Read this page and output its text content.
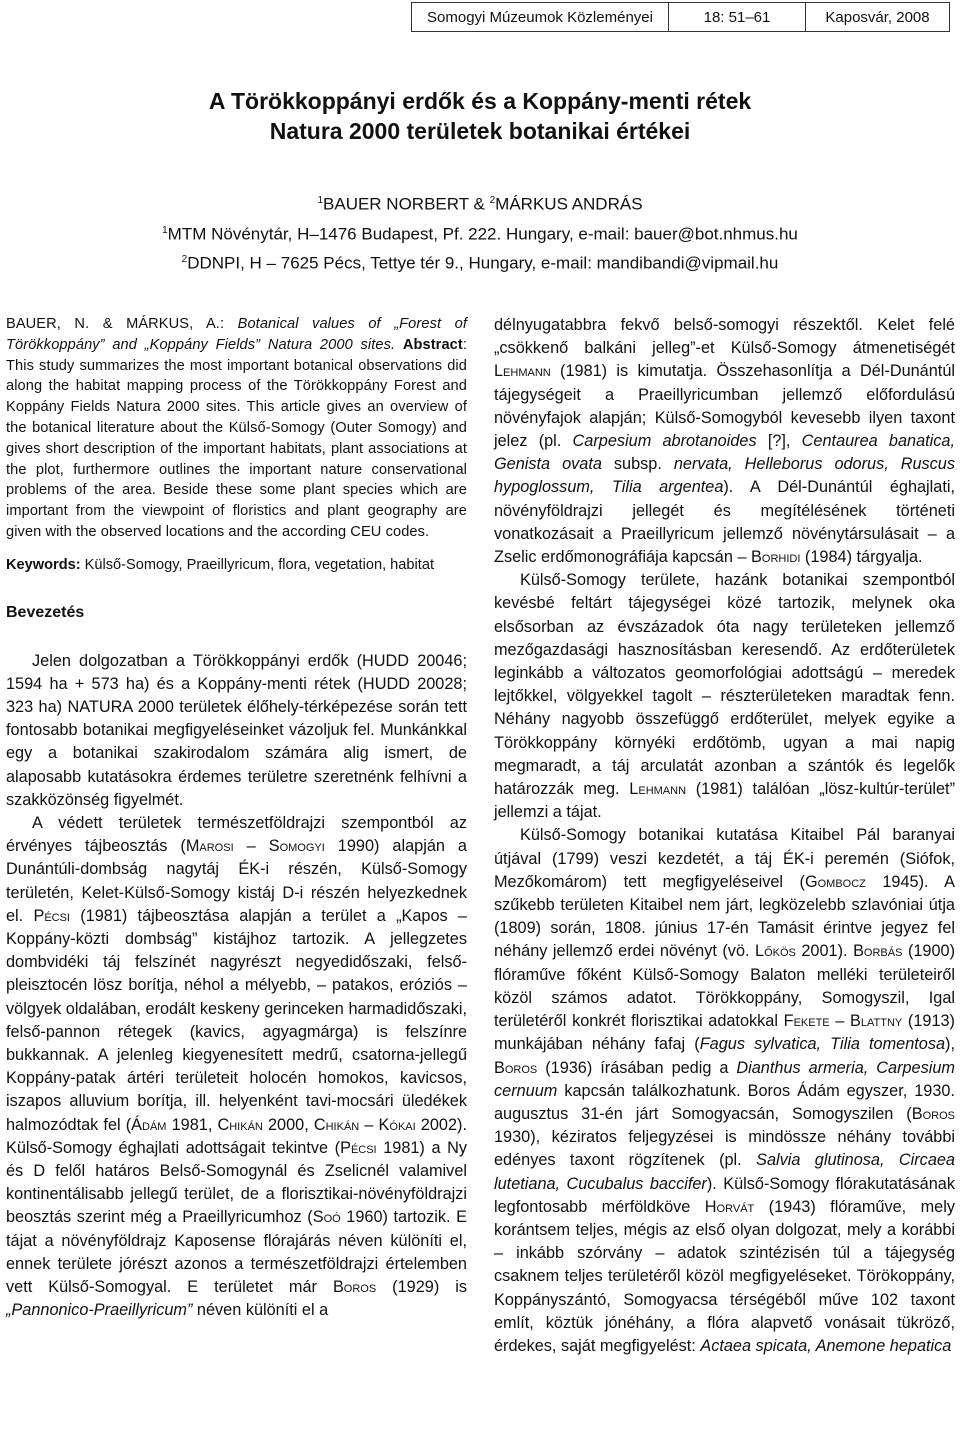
Somogyi Múzeumok Közleményei	18: 51–61	Kaposvár, 2008
A Törökkoppányi erdők és a Koppány-menti rétek
Natura 2000 területek botanikai értékei
$^1$BAUER NORBERT & $^2$MÁRKUS ANDRÁS
$^1$MTM Növénytár, H–1476 Budapest, Pf. 222. Hungary, e-mail: bauer@bot.nhmus.hu
$^2$DDNPI, H – 7625 Pécs, Tettye tér 9., Hungary, e-mail: mandibandi@vipmail.hu

BAUER, N. & MÁRKUS, A.: Botanical values of „Forest of Törökkoppány” and „Koppány Fields” Natura 2000 sites. Abstract: This study summarizes the most important botanical observations did along the habitat mapping process of the Törökkoppány Forest and Koppány Fields Natura 2000 sites. This article gives an overview of the botanical literature about the Külső-Somogy (Outer Somogy) and gives short description of the important habitats, plant associations at the plot, furthermore outlines the important nature conservational problems of the area. Beside these some plant species which are important from the viewpoint of floristics and plant geography are given with the observed locations and the according CEU codes.

Keywords: Külső-Somogy, Praeillyricum, flora, vegetation, habitat

Bevezetés

Jelen dolgozatban a Törökkoppányi erdők (HUDD 20046; 1594 ha + 573 ha) és a Koppány-menti rétek (HUDD 20028; 323 ha) NATURA 2000 területek élőhely-térképezése során tett fontosabb botanikai megfigyeléseinket vázoljuk fel. Munkánkkal egy a botanikai szakirodalom számára alig ismert, de alaposabb kutatásokra érdemes területre szeretnénk felhívni a szakközönség figyelmét.

A védett területek természetföldrajzi szempontból az érvényes tájbeosztás (Marosi – Somogyi 1990) alapján a Dunántúli-dombság nagytáj ÉK-i részén, Külső-Somogy területén, Kelet-Külső-Somogy kistáj D-i részén helyezkednek el. Pécsi (1981) tájbeosztása alapján a terület a „Kapos – Koppány-közti dombság” kistájhoz tartozik. A jellegzetes dombvidéki táj felszínét nagyrészt negyedidőszaki, felső-pleisztocén lösz borítja, néhol a mélyebb, – patakos, eróziós – völgyek oldalában, erodált keskeny gerinceken harmadidőszaki, felső-pannon rétegek (kavics, agyagmárga) is felszínre bukkannak. A jelenleg kiegyenesített medrű, csatorna-jellegű Koppány-patak ártéri területeit holocén homokos, kavicsos, iszapos alluvium borítja, ill. helyenként tavi-mocsári üledékek halmozódtak fel (Ádám 1981, Chikán 2000, Chikán – Kókai 2002). Külső-Somogy éghajlati adottságait tekintve (Pécsi 1981) a Ny és D felől határos Belső-Somogynál és Zselicnél valamivel kontinentálisabb jellegű terület, de a florisztikai-növényföldrajzi beosztás szerint még a Praeillyricumhoz (Soó 1960) tartozik. E tájat a növényföldrajz Kaposense flórajárás néven különíti el, ennek területe jórészt azonos a természetföldrajzi értelemben vett Külső-Somogyal. E területet már Boros (1929) is „Pannonico-Praeillyricum” néven különíti el a

délnyugatabbra fekvő belső-somogyi részektől. Kelet felé „csökkenő balkáni jelleg”-et Külső-Somogy átmenetiségét Lehmann (1981) is kimutatja. Összehasonlítja a Dél-Dunántúl tájegységeit a Praeillyricumban jellemző előfordulású növényfajok alapján; Külső-Somogyból kevesebb ilyen taxont jelez (pl. Carpesium abrotanoides [?], Centaurea banatica, Genista ovata subsp. nervata, Helleborus odorus, Ruscus hypoglossum, Tilia argentea). A Dél-Dunántúl éghajlati, növényföldrajzi jellegét és megítélésének történeti vonatkozásait a Praeillyricum jellemző növénytársulásait – a Zselic erdőmonográfiája kapcsán – Borhidi (1984) tárgyalja.

Külső-Somogy területe, hazánk botanikai szempontból kevésbé feltárt tájegységei közé tartozik, melynek oka elsősorban az évszázadok óta nagy területeken jellemző mezőgazdasági hasznosításban keresendő. Az erdőterületek leginkább a változatos geomorfológiai adottságú – meredek lejtőkkel, völgyekkel tagolt – részterületeken maradtak fenn. Néhány nagyobb összefüggő erdőterület, melyek egyike a Törökkoppány környéki erdőtömb, ugyan a mai napig megmaradt, a táj arculatát azonban a szántók és legelők határozzák meg. Lehmann (1981) találóan „lösz-kultúr-terület” jellemzi a tájat.

Külső-Somogy botanikai kutatása Kitaibel Pál baranyai útjával (1799) veszi kezdetét, a táj ÉK-i peremén (Siófok, Mezőkomárom) tett megfigyeléseivel (Gombocz 1945). A szűkebb területen Kitaibel nem járt, legközelebb szlavóniai útja (1809) során, 1808. június 17-én Tamásit érintve jegyez fel néhány jellemző erdei növényt (vö. Lőkös 2001). Borbás (1900) flóraműve főként Külső-Somogy Balaton melléki területeiről közöl számos adatot. Törökkoppány, Somogyszil, Igal területéről konkrét florisztikai adatokkal Fekete – Blattny (1913) munkájában néhány fafaj (Fagus sylvatica, Tilia tomentosa), Boros (1936) írásában pedig a Dianthus armeria, Carpesium cernuum kapcsán találkozhatunk. Boros Ádám egyszer, 1930. augusztus 31-én járt Somogyacsán, Somogyszilen (Boros 1930), kéziratos feljegyzései is mindössze néhány további edényes taxont rögzítenek (pl. Salvia glutinosa, Circaea lutetiana, Cucubalus baccifer). Külső-Somogy flórakutatásának legfontosabb mérföldköve Horvát (1943) flóraműve, mely korántsem teljes, mégis az első olyan dolgozat, mely a korábbi – inkább szórvány – adatok szintézisén túl a tájegység csaknem teljes területéről közöl megfigyeléseket. Törökoppány, Koppányszántó, Somogyacsa térségéből műve 102 taxont említ, köztük jónéhány, a flóra alapvető vonásait tükröző, érdekes, saját megfigyelést: Actaea spicata, Anemone hepatica
